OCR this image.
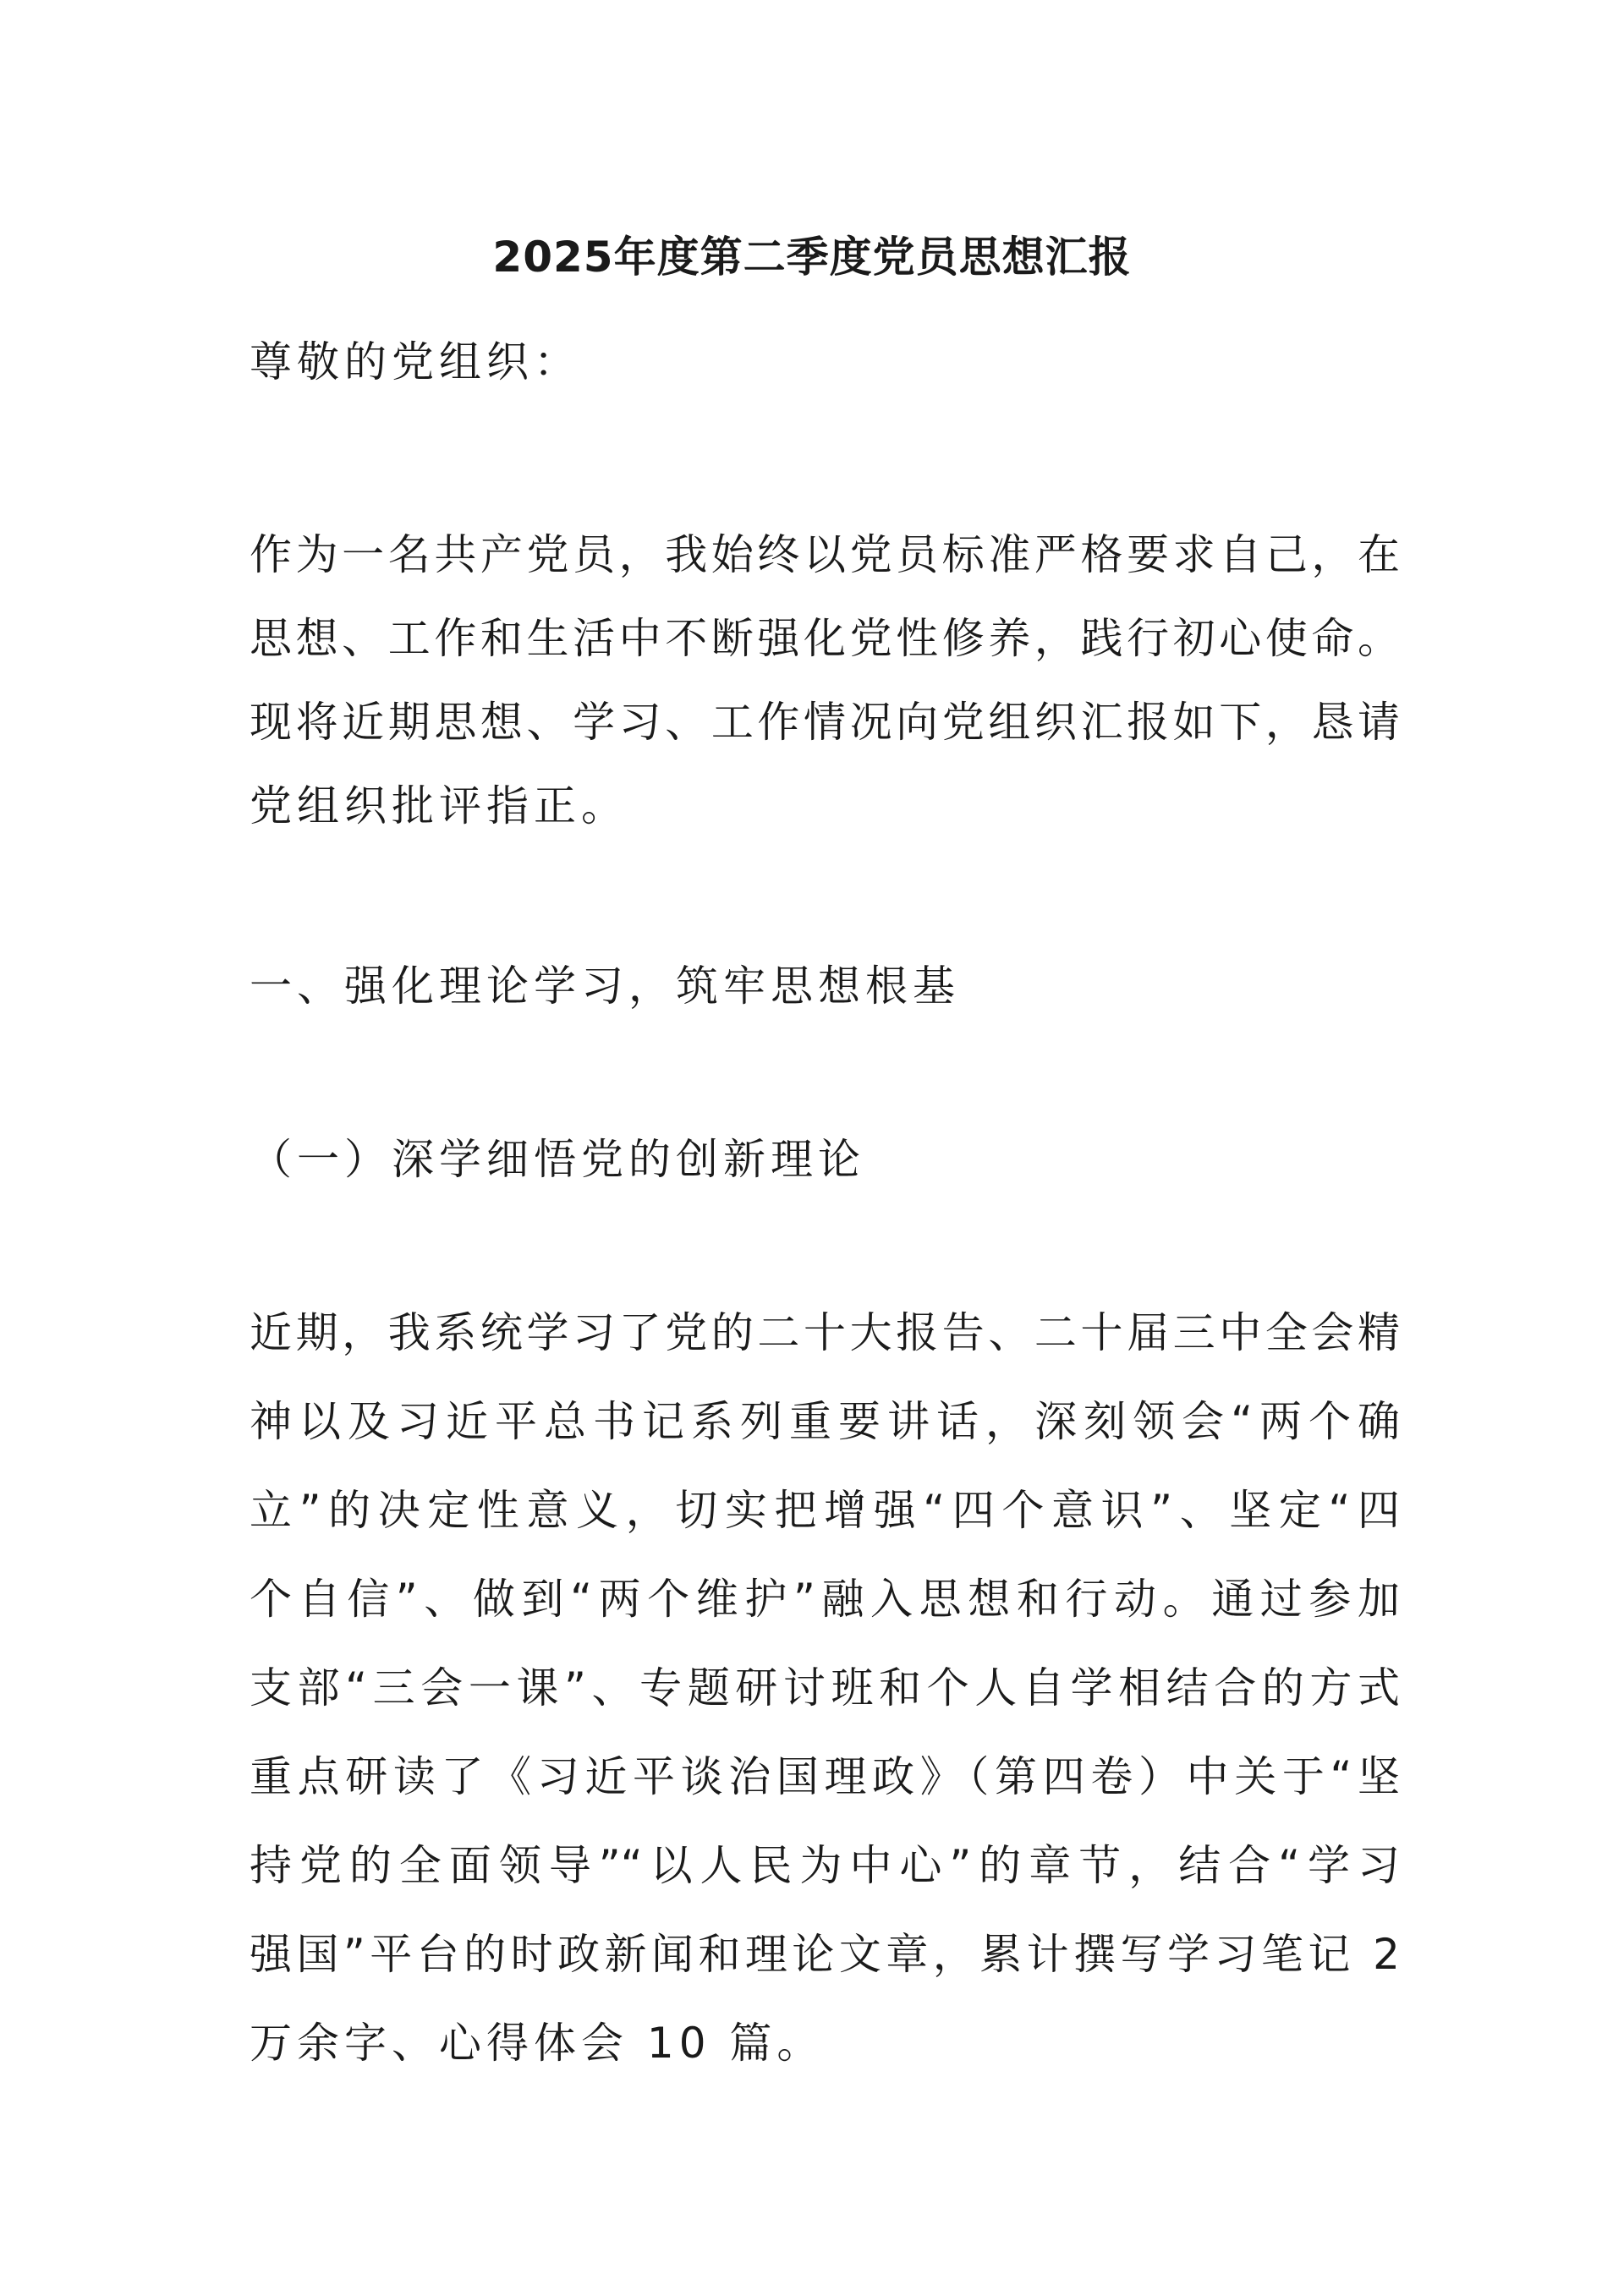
2025年度第二季度党员思想汇报
尊敬的党组织：
作为一名共产党员，我始终以党员标准严格要求自己，在
思想、工作和生活中不断强化党性修养，践行初心使命。
现将近期思想、学习、工作情况向党组织汇报如下，恳请
党组织批评指正。
一、强化理论学习，筑牢思想根基
（一）深学细悟党的创新理论
近期，我系统学习了党的二十大报告、二十届三中全会精
神以及习近平总书记系列重要讲话，深刻领会“两个确
立”的决定性意义，切实把增强“四个意识”、坚定“四
个自信”、做到“两个维护”融入思想和行动。通过参加
支部“三会一课”、专题研讨班和个人自学相结合的方式
重点研读了《习近平谈治国理政》（第四卷）中关于“坚
持党的全面领导”“以人民为中心”的章节，结合“学习
强国”平台的时政新闻和理论文章，累计撰写学习笔记 2
万余字、心得体会 10 篇。
